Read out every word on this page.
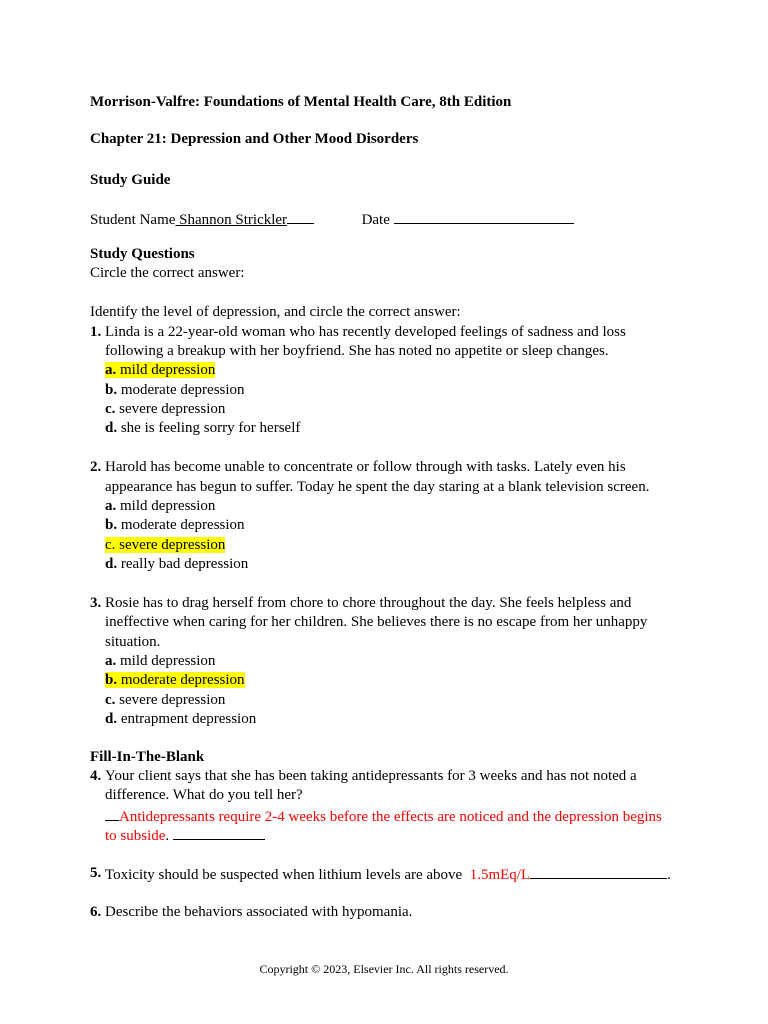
Morrison-Valfre: Foundations of Mental Health Care, 8th Edition
Chapter 21: Depression and Other Mood Disorders
Study Guide
Student Name Shannon Strickler	Date
Study Questions
Circle the correct answer:
Identify the level of depression, and circle the correct answer:
1. Linda is a 22-year-old woman who has recently developed feelings of sadness and loss
following a breakup with her boyfriend. She has noted no appetite or sleep changes.
a. mild depression
b. moderate depression
c. severe depression
d. she is feeling sorry for herself
2. Harold has become unable to concentrate or follow through with tasks. Lately even his
appearance has begun to suffer. Today he spent the day staring at a blank television screen.
a. mild depression
b. moderate depression
c. severe depression
d. really bad depression
3. Rosie has to drag herself from chore to chore throughout the day. She feels helpless and
ineffective when caring for her children. She believes there is no escape from her unhappy
situation.
a. mild depression
b. moderate depression
c. severe depression
d. entrapment depression
Fill-In-The-Blank
4. Your client says that she has been taking antidepressants for 3 weeks and has not noted a
difference. What do you tell her?
Antidepressants require 2-4 weeks before the effects are noticed and the depression begins
to subside.
5. Toxicity should be suspected when lithium levels are above 1.5mEq/L	.
6. Describe the behaviors associated with hypomania.
Copyright © 2023, Elsevier Inc. All rights reserved.
